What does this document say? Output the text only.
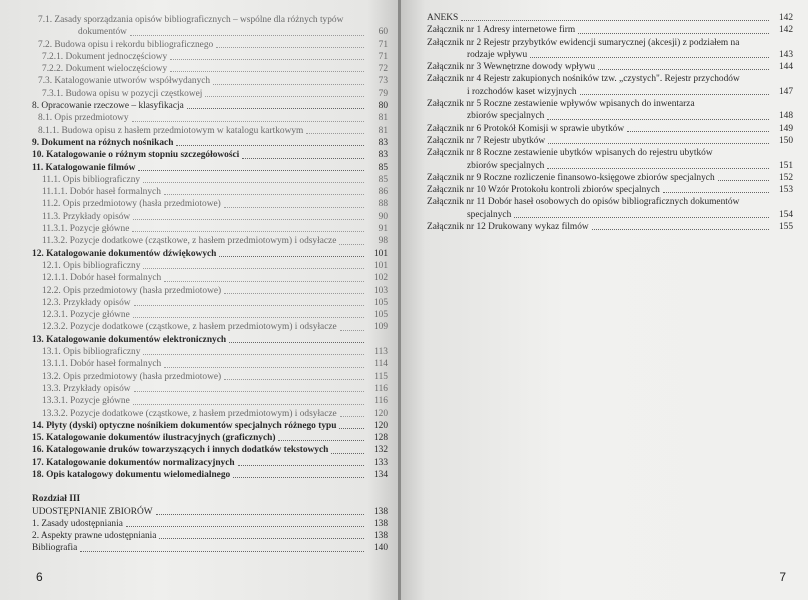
7.1. Zasady sporządzania opisów bibliograficznych – wspólne dla różnych typów
dokumentów	60
7.2. Budowa opisu i rekordu bibliograficznego	71
7.2.1. Dokument jednoczęściowy	71
7.2.2. Dokument wieloczęściowy	72
7.3. Katalogowanie utworów współwydanych	73
7.3.1. Budowa opisu w pozycji częstkowej	79
8. Opracowanie rzeczowe – klasyfikacja	80
8.1. Opis przedmiotowy	81
8.1.1. Budowa opisu z hasłem przedmiotowym w katalogu kartkowym	81
9. Dokument na różnych nośnikach	83
10. Katalogowanie o różnym stopniu szczegółowości	83
11. Katalogowanie filmów	85
11.1. Opis bibliograficzny	85
11.1.1. Dobór haseł formalnych	86
11.2. Opis przedmiotowy (hasła przedmiotowe)	88
11.3. Przykłady opisów	90
11.3.1. Pozycje główne	91
11.3.2. Pozycje dodatkowe (cząstkowe, z hasłem przedmiotowym) i odsyłacze	98
12. Katalogowanie dokumentów dźwiękowych	101
12.1. Opis bibliograficzny	101
12.1.1. Dobór haseł formalnych	102
12.2. Opis przedmiotowy (hasła przedmiotowe)	103
12.3. Przykłady opisów	105
12.3.1. Pozycje główne	105
12.3.2. Pozycje dodatkowe (cząstkowe, z hasłem przedmiotowym) i odsyłacze	109
13. Katalogowanie dokumentów elektronicznych
13.1. Opis bibliograficzny	113
13.1.1. Dobór haseł formalnych	114
13.2. Opis przedmiotowy (hasła przedmiotowe)	115
13.3. Przykłady opisów	116
13.3.1. Pozycje główne	116
13.3.2. Pozycje dodatkowe (cząstkowe, z hasłem przedmiotowym) i odsyłacze	120
14. Płyty (dyski) optyczne nośnikiem dokumentów specjalnych różnego typu	120
15. Katalogowanie dokumentów ilustracyjnych (graficznych)	128
16. Katalogowanie druków towarzyszących i innych dodatków tekstowych	132
17. Katalogowanie dokumentów normalizacyjnych	133
18. Opis katalogowy dokumentu wielomedialnego	134
Rozdział III
UDOSTĘPNIANIE ZBIORÓW	138
1. Zasady udostępniania	138
2. Aspekty prawne udostępniania	138
Bibliografia	140
6
ANEKS	142
Załącznik nr 1 Adresy internetowe firm	142
Załącznik nr 2 Rejestr przybytków ewidencji sumarycznej (akcesji) z podziałem na
rodzaje wpływu	143
Załącznik nr 3 Wewnętrzne dowody wpływu	144
Załącznik nr 4 Rejestr zakupionych nośników tzw. „czystych". Rejestr przychodów
i rozchodów kaset wizyjnych	147
Załącznik nr 5 Roczne zestawienie wpływów wpisanych do inwentarza
zbiorów specjalnych	148
Załącznik nr 6 Protokół Komisji w sprawie ubytków	149
Załącznik nr 7 Rejestr ubytków	150
Załącznik nr 8 Roczne zestawienie ubytków wpisanych do rejestru ubytków
zbiorów specjalnych	151
Załącznik nr 9 Roczne rozliczenie finansowo-księgowe zbiorów specjalnych	152
Załącznik nr 10 Wzór Protokołu kontroli zbiorów specjalnych	153
Załącznik nr 11 Dobór haseł osobowych do opisów bibliograficznych dokumentów
specjalnych	154
Załącznik nr 12 Drukowany wykaz filmów	155
7
